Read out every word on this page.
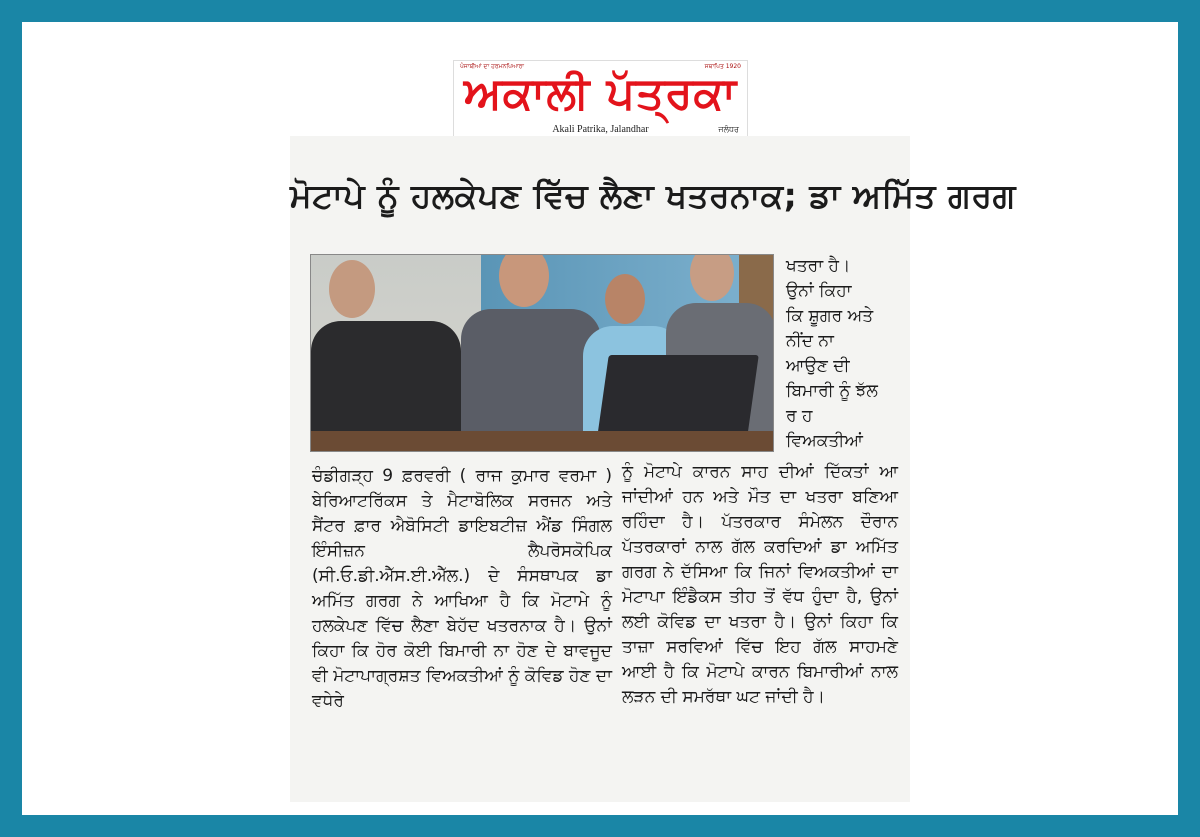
ਪੰਜਾਬੀਆਂ ਦਾ ਹਰਮਨਪਿਆਰਾ	ਸਥਾਪਿਤ 1920
ਅਕਾਲੀ ਪੱਤ੍ਰਕਾ
Akali Patrika, Jalandhar	ਜਲੰਧਰ
ਮੋਟਾਪੇ ਨੂੰ ਹਲਕੇਪਣ ਵਿੱਚ ਲੈਣਾ ਖਤਰਨਾਕ; ਡਾ ਅਮਿੱਤ ਗਰਗ
ਖਤਰਾ ਹੈ।
ਉਨਾਂ ਕਿਹਾ
ਕਿ ਸ਼ੂਗਰ ਅਤੇ
ਨੀਂਦ ਨਾ
ਆਉਣ ਦੀ
ਬਿਮਾਰੀ ਨੂੰ ਝੱਲ
ਰ ਹ
ਵਿਅਕਤੀਆਂ
ਚੰਡੀਗੜ੍ਹ 9 ਫ਼ਰਵਰੀ ( ਰਾਜ ਕੁਮਾਰ ਵਰਮਾ ) ਬੇਰਿਆਟਰਿੱਕਸ ਤੇ ਮੈਟਾਬੋਲਿਕ ਸਰਜਨ ਅਤੇ ਸੈਂਟਰ ਫ਼ਾਰ ਐਬੋਸਿਟੀ ਡਾਇਬਟੀਜ਼ ਐਂਡ ਸਿੰਗਲ ਇੰਸੀਜ਼ਨ ਲੈਪਰੋਸਕੋਪਿਕ (ਸੀ.ਓ.ਡੀ.ਐੱਸ.ਈ.ਐੱਲ.) ਦੇ ਸੰਸਥਾਪਕ ਡਾ ਅਮਿੱਤ ਗਰਗ ਨੇ ਆਖਿਆ ਹੈ ਕਿ ਮੋਟਾਮੇ ਨੂੰ ਹਲਕੇਪਣ ਵਿੱਚ ਲੈਣਾ ਬੇਹੱਦ ਖਤਰਨਾਕ ਹੈ। ਉਨਾਂ ਕਿਹਾ ਕਿ ਹੋਰ ਕੋਈ ਬਿਮਾਰੀ ਨਾ ਹੋਣ ਦੇ ਬਾਵਜੂਦ ਵੀ ਮੋਟਾਪਾਗ੍ਰਸ਼ਤ ਵਿਅਕਤੀਆਂ ਨੂੰ ਕੋਵਿਡ ਹੋਣ ਦਾ ਵਧੇਰੇ
ਨੂੰ ਮੋਟਾਪੇ ਕਾਰਨ ਸਾਹ ਦੀਆਂ ਦਿੱਕਤਾਂ ਆ ਜਾਂਦੀਆਂ ਹਨ ਅਤੇ ਮੌਤ ਦਾ ਖਤਰਾ ਬਣਿਆ ਰਹਿੰਦਾ ਹੈ। ਪੱਤਰਕਾਰ ਸੰਮੇਲਨ ਦੌਰਾਨ ਪੱਤਰਕਾਰਾਂ ਨਾਲ ਗੱਲ ਕਰਦਿਆਂ ਡਾ ਅਮਿੱਤ ਗਰਗ ਨੇ ਦੱਸਿਆ ਕਿ ਜਿਨਾਂ ਵਿਅਕਤੀਆਂ ਦਾ ਮੋਟਾਪਾ ਇੰਡੈਕਸ ਤੀਹ ਤੋਂ ਵੱਧ ਹੁੰਦਾ ਹੈ, ਉਨਾਂ ਲਈ ਕੋਵਿਡ ਦਾ ਖਤਰਾ ਹੈ। ਉਨਾਂ ਕਿਹਾ ਕਿ ਤਾਜ਼ਾ ਸਰਵਿਆਂ ਵਿੱਚ ਇਹ ਗੱਲ ਸਾਹਮਣੇ ਆਈ ਹੈ ਕਿ ਮੋਟਾਪੇ ਕਾਰਨ ਬਿਮਾਰੀਆਂ ਨਾਲ ਲੜਨ ਦੀ ਸਮਰੱਥਾ ਘਟ ਜਾਂਦੀ ਹੈ।
